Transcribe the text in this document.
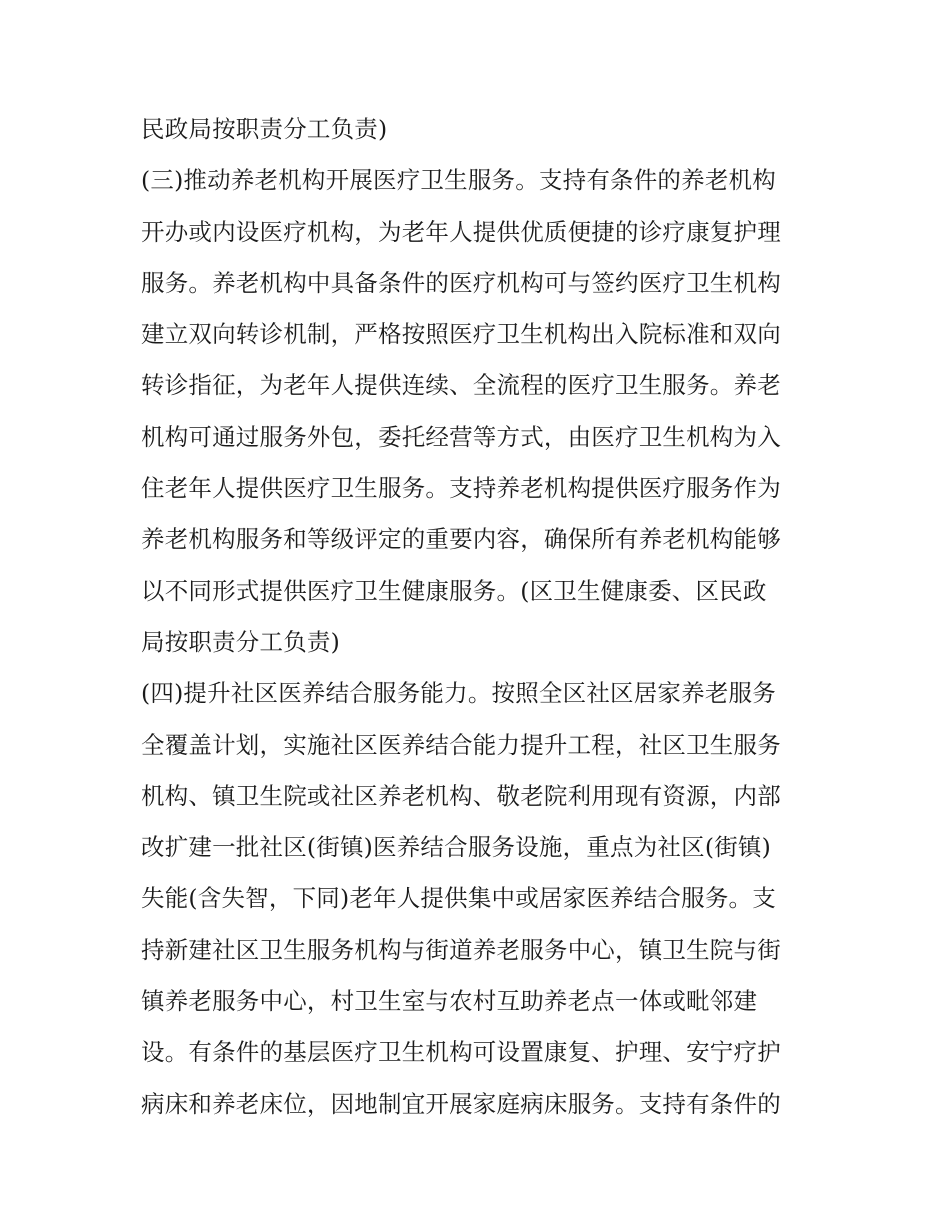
民政局按职责分工负责)
(三)推动养老机构开展医疗卫生服务。支持有条件的养老机构
开办或内设医疗机构，为老年人提供优质便捷的诊疗康复护理
服务。养老机构中具备条件的医疗机构可与签约医疗卫生机构
建立双向转诊机制，严格按照医疗卫生机构出入院标准和双向
转诊指征，为老年人提供连续、全流程的医疗卫生服务。养老
机构可通过服务外包，委托经营等方式，由医疗卫生机构为入
住老年人提供医疗卫生服务。支持养老机构提供医疗服务作为
养老机构服务和等级评定的重要内容，确保所有养老机构能够
以不同形式提供医疗卫生健康服务。(区卫生健康委、区民政
局按职责分工负责)
(四)提升社区医养结合服务能力。按照全区社区居家养老服务
全覆盖计划，实施社区医养结合能力提升工程，社区卫生服务
机构、镇卫生院或社区养老机构、敬老院利用现有资源，内部
改扩建一批社区(街镇)医养结合服务设施，重点为社区(街镇)
失能(含失智，下同)老年人提供集中或居家医养结合服务。支
持新建社区卫生服务机构与街道养老服务中心，镇卫生院与街
镇养老服务中心，村卫生室与农村互助养老点一体或毗邻建
设。有条件的基层医疗卫生机构可设置康复、护理、安宁疗护
病床和养老床位，因地制宜开展家庭病床服务。支持有条件的
